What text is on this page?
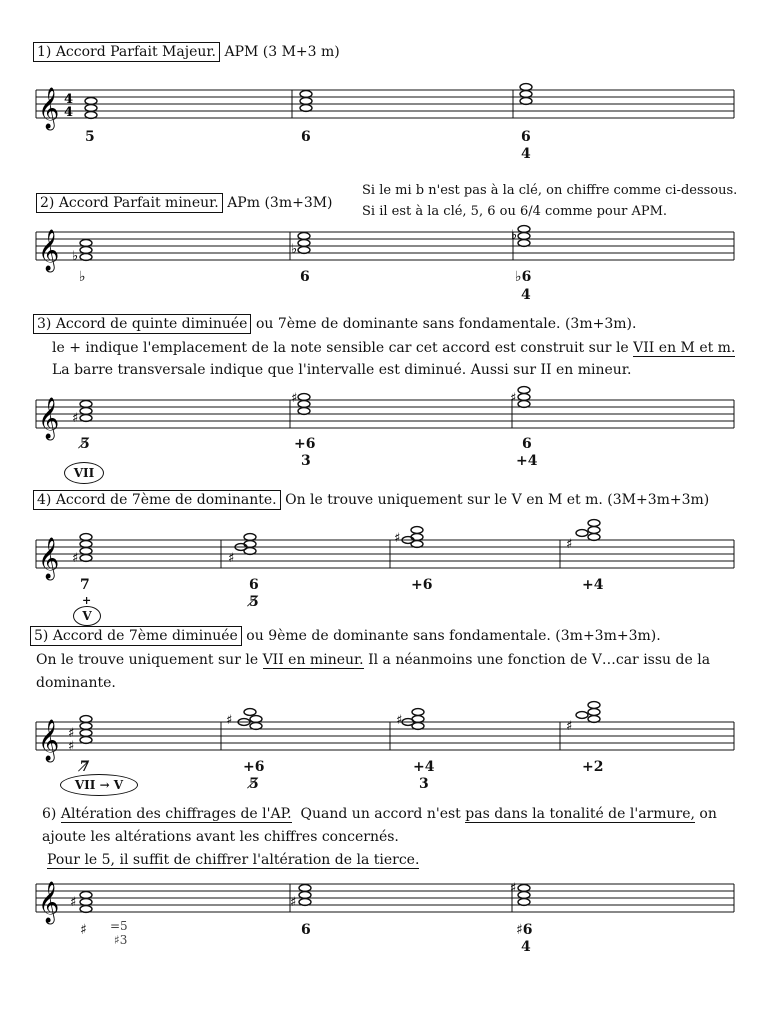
1) Accord Parfait Majeur. APM (3 M+3 m)
𝄞 4
4
5	6	6
4
2) Accord Parfait mineur. APm (3m+3M)
Si le mi b n'est pas à la clé, on chiffre comme ci-dessous.
Si il est à la clé, 5, 6 ou 6/4 comme pour APM.
𝄞 ♭	♭
♭
♭	6	♭6
4
3) Accord de quinte diminuée ou 7ème de dominante sans fondamentale. (3m+3m).
le + indique l'emplacement de la note sensible car cet accord est construit sur le VII en M et m.
La barre transversale indique que l'intervalle est diminué. Aussi sur II en mineur.
𝄞 ♯
♯	♯
5̸	+6
3
6
+4
VII
4) Accord de 7ème de dominante. On le trouve uniquement sur le V en M et m. (3M+3m+3m)
𝄞 ♯	♯
♯	♯
7
+
6
5̸
+6	+4
V
5) Accord de 7ème diminuée ou 9ème de dominante sans fondamentale. (3m+3m+3m).
On le trouve uniquement sur le VII en mineur. Il a néanmoins une fonction de V…car issu de la
dominante.
𝄞 ♯
♯
♯	♯	♯
7̸	+6
5̸
+4
3
+2
VII → V
6) Altération des chiffrages de l'AP. Quand un accord n'est pas dans la tonalité de l'armure, on
ajoute les altérations avant les chiffres concernés.
Pour le 5, il suffit de chiffrer l'altération de la tierce.
𝄞 ♯	♯
♯
♯ =5
♯3
6	♯6
4
